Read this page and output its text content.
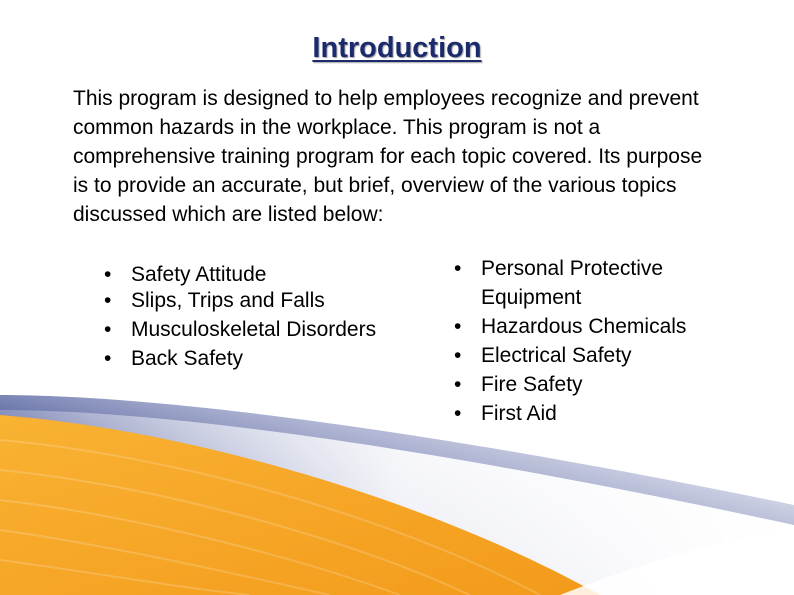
Introduction

This program is designed to help employees recognize and prevent common hazards in the workplace. This program is not a comprehensive training program for each topic covered. Its purpose is to provide an accurate, but brief, overview of the various topics discussed which are listed below:

• Safety Attitude
• Slips, Trips and Falls
• Musculoskeletal Disorders
• Back Safety
• Personal Protective Equipment
• Hazardous Chemicals
• Electrical Safety
• Fire Safety
• First Aid
